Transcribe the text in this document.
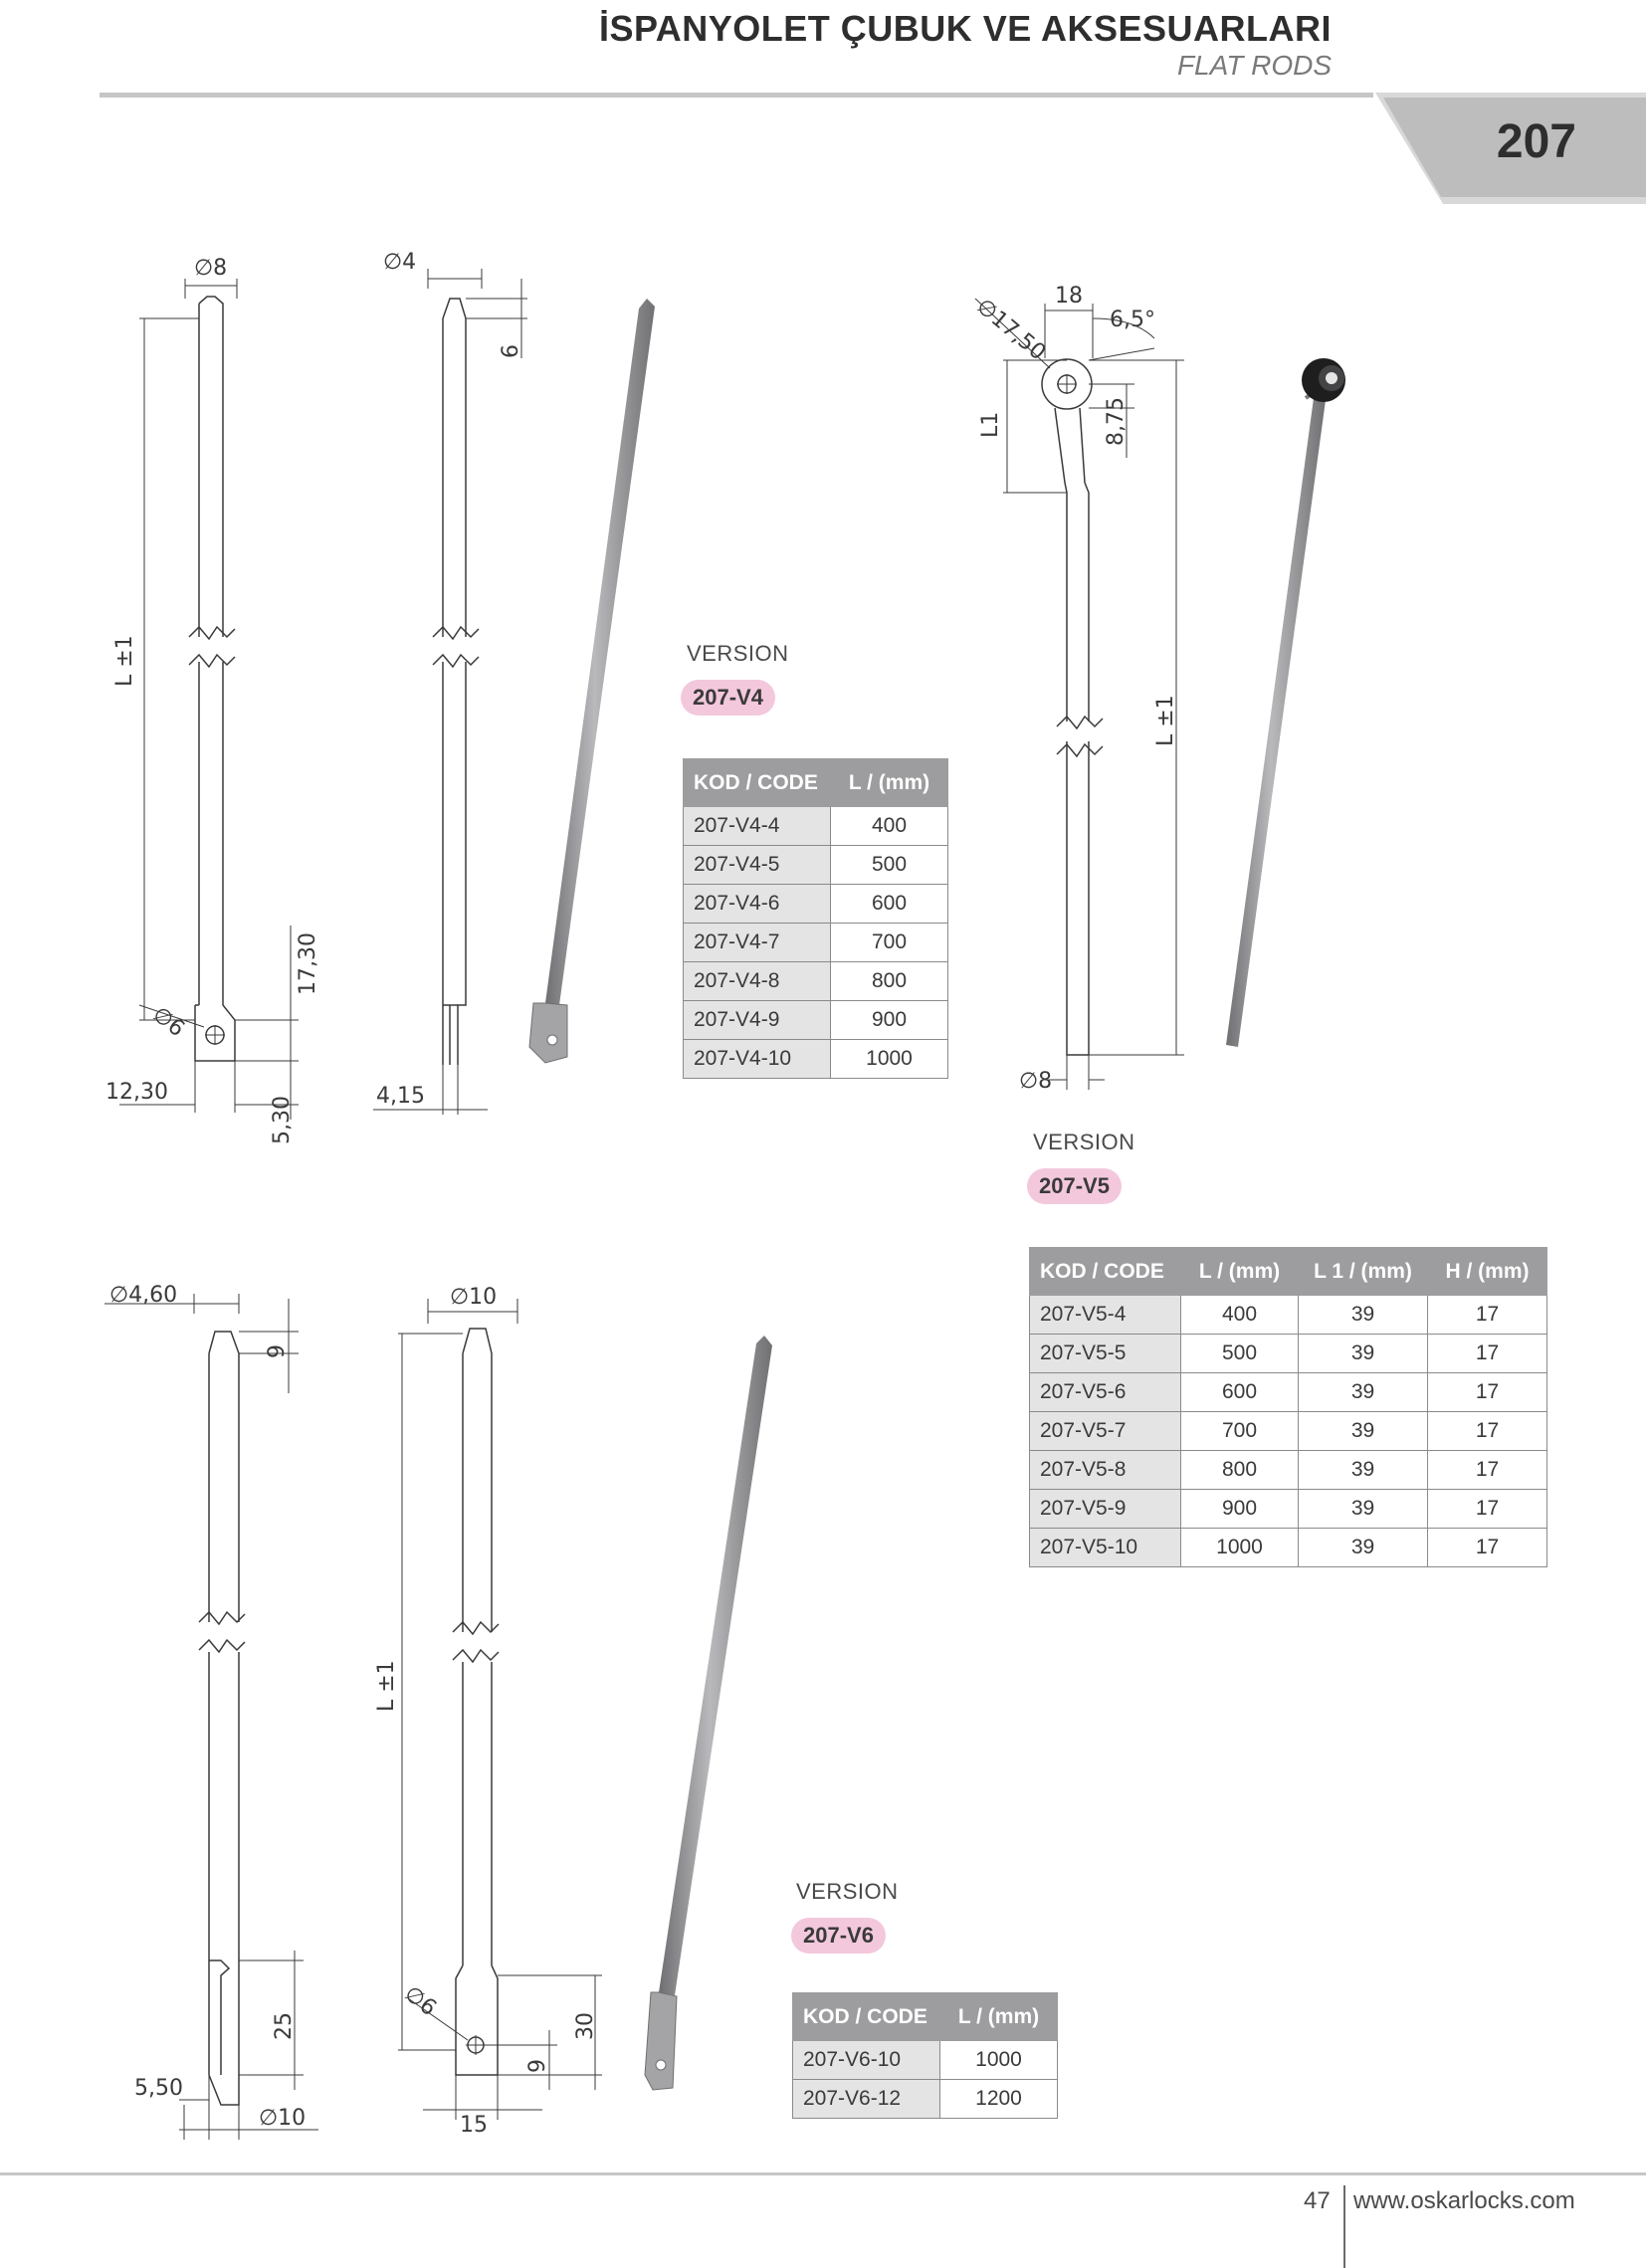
İSPANYOLET ÇUBUK VE AKSESUARLARI
FLAT RODS
207
∅8
L ±1
17,30
∅6
12,30
5,30
∅4
6
4,15
∅17,50 18
6,5°
8,75
L1
L ±1
∅8
∅4,60
9
25
5,50
∅10
∅10
L ±1
∅6
30
9
15
VERSION
207-V4
KOD / CODE	L / (mm)
207-V4-4	400
207-V4-5	500
207-V4-6	600
207-V4-7	700
207-V4-8	800
207-V4-9	900
207-V4-10	1000
VERSION
207-V5
KOD / CODE	L / (mm)	L 1 / (mm)	H / (mm)
207-V5-4	400	39	17
207-V5-5	500	39	17
207-V5-6	600	39	17
207-V5-7	700	39	17
207-V5-8	800	39	17
207-V5-9	900	39	17
207-V5-10	1000	39	17
VERSION
207-V6
KOD / CODE	L / (mm)
207-V6-10	1000
207-V6-12	1200
47 www.oskarlocks.com
